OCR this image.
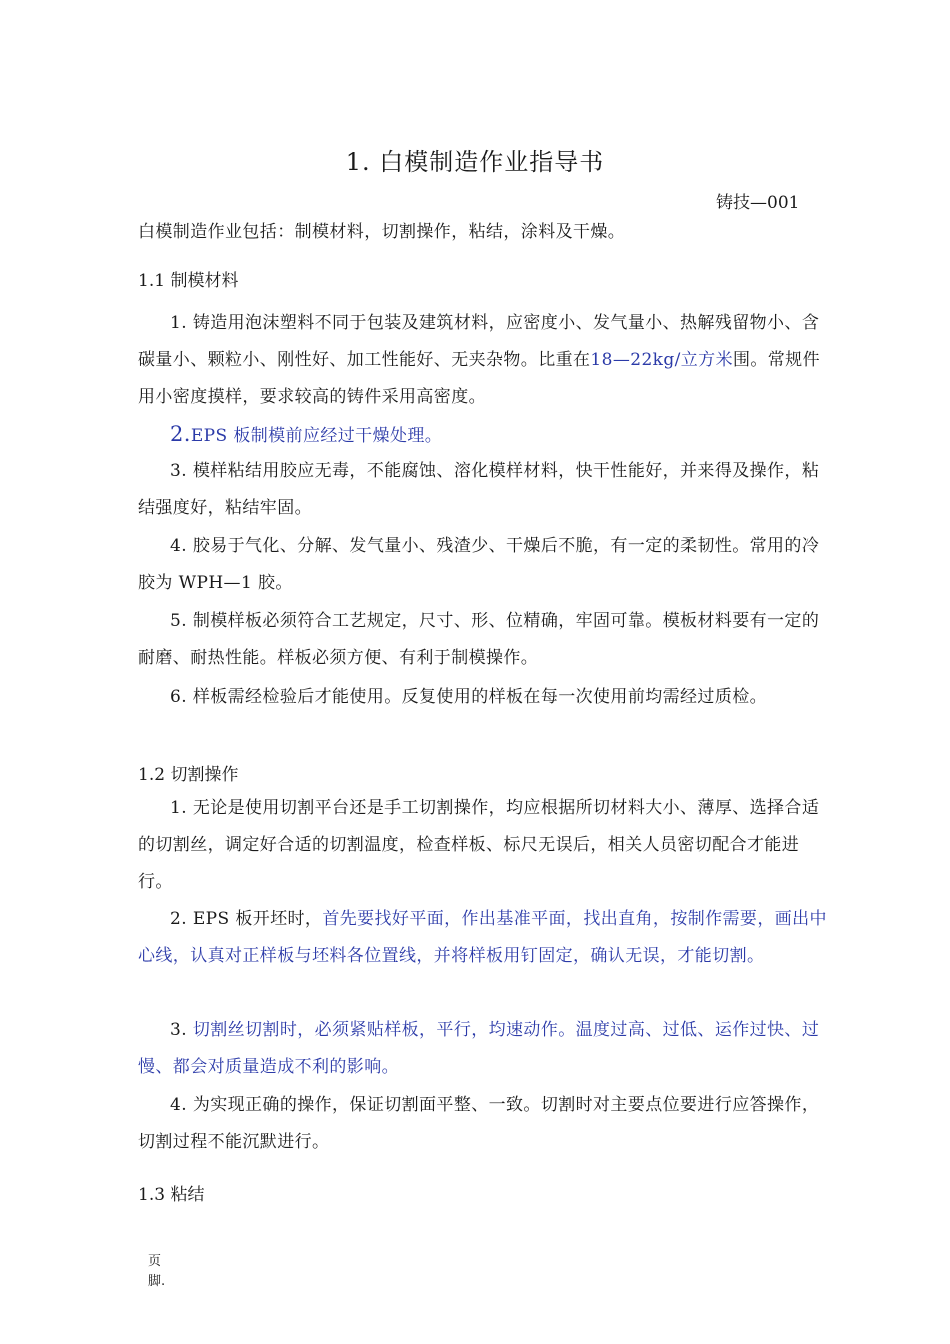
1. 白模制造作业指导书
铸技—001
白模制造作业包括：制模材料，切割操作，粘结，涂料及干燥。
1.1 制模材料
1. 铸造用泡沫塑料不同于包装及建筑材料，应密度小、发气量小、热解残留物小、含碳量小、颗粒小、刚性好、加工性能好、无夹杂物。比重在18—22kg/立方米围。常规件用小密度摸样，要求较高的铸件采用高密度。
2.EPS 板制模前应经过干燥处理。
3. 模样粘结用胶应无毒，不能腐蚀、溶化模样材料，快干性能好，并来得及操作，粘结强度好，粘结牢固。
4. 胶易于气化、分解、发气量小、残渣少、干燥后不脆，有一定的柔韧性。常用的冷胶为 WPH—1 胶。
5. 制模样板必须符合工艺规定，尺寸、形、位精确，牢固可靠。模板材料要有一定的耐磨、耐热性能。样板必须方便、有利于制模操作。
6. 样板需经检验后才能使用。反复使用的样板在每一次使用前均需经过质检。
1.2 切割操作
1. 无论是使用切割平台还是手工切割操作，均应根据所切材料大小、薄厚、选择合适的切割丝，调定好合适的切割温度，检查样板、标尺无误后，相关人员密切配合才能进行。
2. EPS 板开坯时，首先要找好平面，作出基准平面，找出直角，按制作需要，画出中心线，认真对正样板与坯料各位置线，并将样板用钉固定，确认无误，才能切割。
3. 切割丝切割时，必须紧贴样板，平行，均速动作。温度过高、过低、运作过快、过慢、都会对质量造成不利的影响。
4. 为实现正确的操作，保证切割面平整、一致。切割时对主要点位要进行应答操作，切割过程不能沉默进行。
1.3 粘结
页脚.
